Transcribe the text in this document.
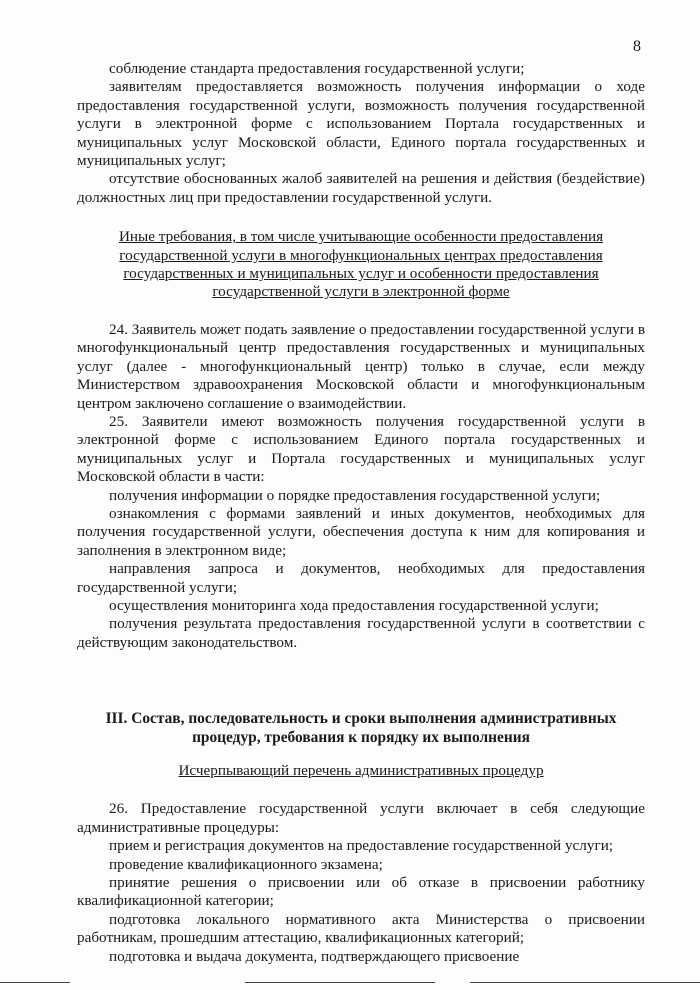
8

соблюдение стандарта предоставления государственной услуги;

заявителям предоставляется возможность получения информации о ходе предоставления государственной услуги, возможность получения государственной услуги в электронной форме с использованием Портала государственных и муниципальных услуг Московской области, Единого портала государственных и муниципальных услуг;

отсутствие обоснованных жалоб заявителей на решения и действия (бездействие) должностных лиц при предоставлении государственной услуги.

Иные требования, в том числе учитывающие особенности предоставления государственной услуги в многофункциональных центрах предоставления государственных и муниципальных услуг и особенности предоставления государственной услуги в электронной форме

24. Заявитель может подать заявление о предоставлении государственной услуги в многофункциональный центр предоставления государственных и муниципальных услуг (далее - многофункциональный центр) только в случае, если между Министерством здравоохранения Московской области и многофункциональным центром заключено соглашение о взаимодействии.

25. Заявители имеют возможность получения государственной услуги в электронной форме с использованием Единого портала государственных и муниципальных услуг и Портала государственных и муниципальных услуг Московской области в части:

получения информации о порядке предоставления государственной услуги;

ознакомления с формами заявлений и иных документов, необходимых для получения государственной услуги, обеспечения доступа к ним для копирования и заполнения в электронном виде;

направления запроса и документов, необходимых для предоставления государственной услуги;

осуществления мониторинга хода предоставления государственной услуги;

получения результата предоставления государственной услуги в соответствии с действующим законодательством.

III. Состав, последовательность и сроки выполнения административных процедур, требования к порядку их выполнения

Исчерпывающий перечень административных процедур

26. Предоставление государственной услуги включает в себя следующие административные процедуры:

прием и регистрация документов на предоставление государственной услуги;

проведение квалификационного экзамена;

принятие решения о присвоении или об отказе в присвоении работнику квалификационной категории;

подготовка локального нормативного акта Министерства о присвоении работникам, прошедшим аттестацию, квалификационных категорий;

подготовка и выдача документа, подтверждающего присвоение
